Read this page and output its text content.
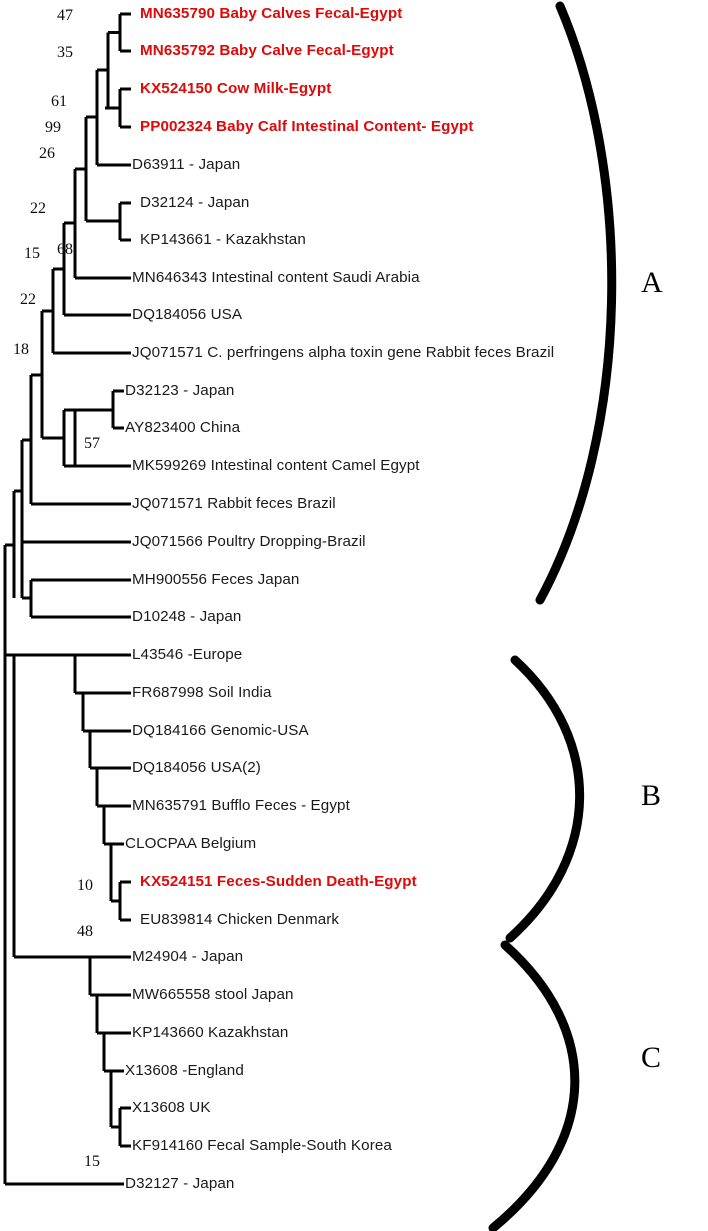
MN635790 Baby Calves Fecal-Egypt
MN635792 Baby Calve Fecal-Egypt
KX524150 Cow Milk-Egypt
PP002324 Baby Calf Intestinal Content- Egypt
D63911 - Japan
D32124 - Japan
KP143661 - Kazakhstan
MN646343 Intestinal content Saudi Arabia
DQ184056 USA
JQ071571 C. perfringens alpha toxin gene Rabbit feces Brazil
D32123 - Japan
AY823400 China
MK599269 Intestinal content Camel Egypt
JQ071571 Rabbit feces Brazil
JQ071566 Poultry Dropping-Brazil
MH900556 Feces Japan
D10248 - Japan
L43546 -Europe
FR687998 Soil India
DQ184166 Genomic-USA
DQ184056 USA(2)
MN635791 Bufflo Feces - Egypt
CLOCPAA Belgium
KX524151 Feces-Sudden Death-Egypt
EU839814 Chicken Denmark
M24904 - Japan
MW665558 stool Japan
KP143660 Kazakhstan
X13608 -England
X13608 UK
KF914160 Fecal Sample-South Korea
D32127 - Japan
47
35
61
99
26
22
68
15
22
18
57
10
48
15
A
B
C
